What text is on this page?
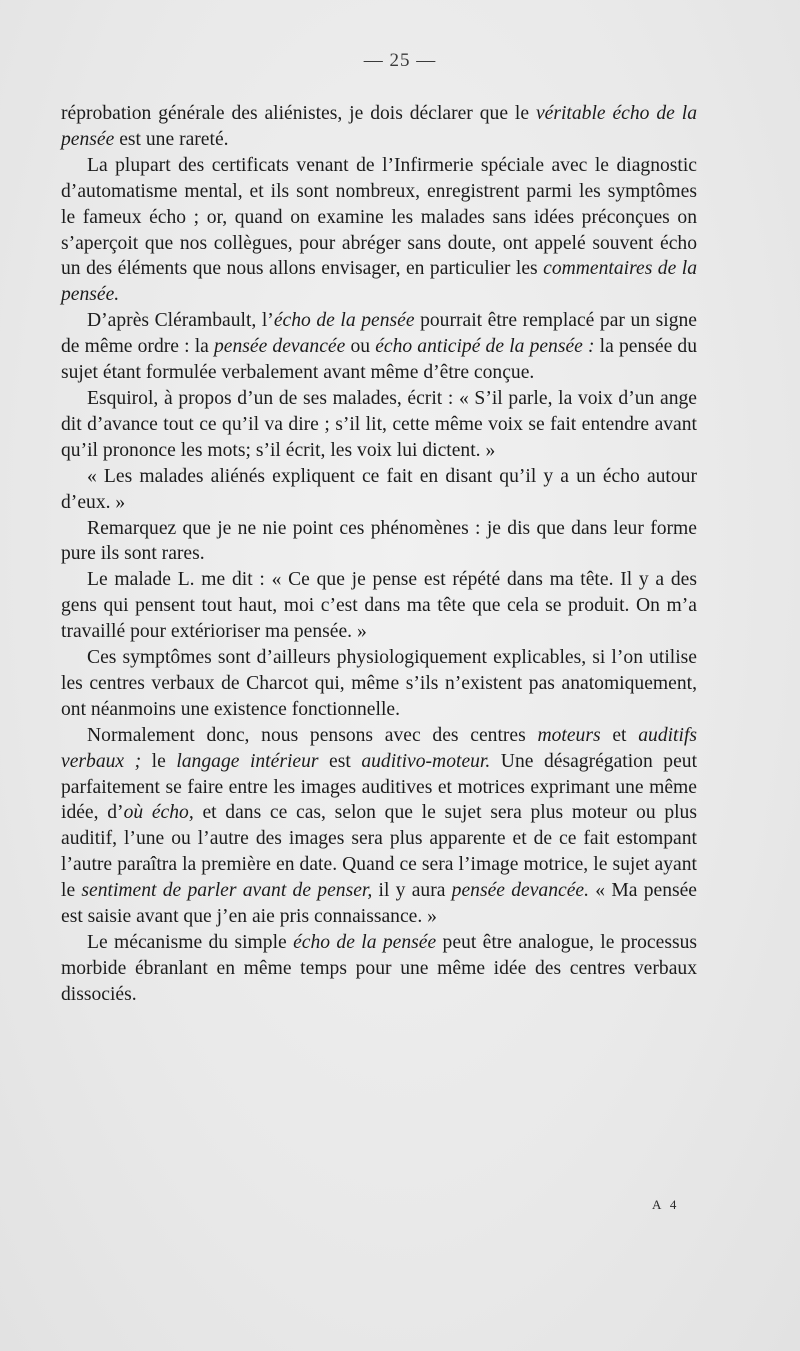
— 25 —

réprobation générale des aliénistes, je dois déclarer que le véritable écho de la pensée est une rareté.

La plupart des certificats venant de l’Infirmerie spéciale avec le diagnostic d’automatisme mental, et ils sont nombreux, enregistrent parmi les symptômes le fameux écho ; or, quand on examine les malades sans idées préconçues on s’aperçoit que nos collègues, pour abréger sans doute, ont appelé souvent écho un des éléments que nous allons envisager, en particulier les commentaires de la pensée.

D’après Clérambault, l’écho de la pensée pourrait être remplacé par un signe de même ordre : la pensée devancée ou écho anticipé de la pensée : la pensée du sujet étant formulée verbalement avant même d’être conçue.

Esquirol, à propos d’un de ses malades, écrit : « S’il parle, la voix d’un ange dit d’avance tout ce qu’il va dire ; s’il lit, cette même voix se fait entendre avant qu’il prononce les mots; s’il écrit, les voix lui dictent. »

« Les malades aliénés expliquent ce fait en disant qu’il y a un écho autour d’eux. »

Remarquez que je ne nie point ces phénomènes : je dis que dans leur forme pure ils sont rares.

Le malade L. me dit : « Ce que je pense est répété dans ma tête. Il y a des gens qui pensent tout haut, moi c’est dans ma tête que cela se produit. On m’a travaillé pour extérioriser ma pensée. »

Ces symptômes sont d’ailleurs physiologiquement explicables, si l’on utilise les centres verbaux de Charcot qui, même s’ils n’existent pas anatomiquement, ont néanmoins une existence fonctionnelle.

Normalement donc, nous pensons avec des centres moteurs et auditifs verbaux ; le langage intérieur est auditivo-moteur. Une désagrégation peut parfaitement se faire entre les images auditives et motrices exprimant une même idée, d’où écho, et dans ce cas, selon que le sujet sera plus moteur ou plus auditif, l’une ou l’autre des images sera plus apparente et de ce fait estompant l’autre paraîtra la première en date. Quand ce sera l’image motrice, le sujet ayant le sentiment de parler avant de penser, il y aura pensée devancée. « Ma pensée est saisie avant que j’en aie pris connaissance. »

Le mécanisme du simple écho de la pensée peut être analogue, le processus morbide ébranlant en même temps pour une même idée des centres verbaux dissociés.

A 4
